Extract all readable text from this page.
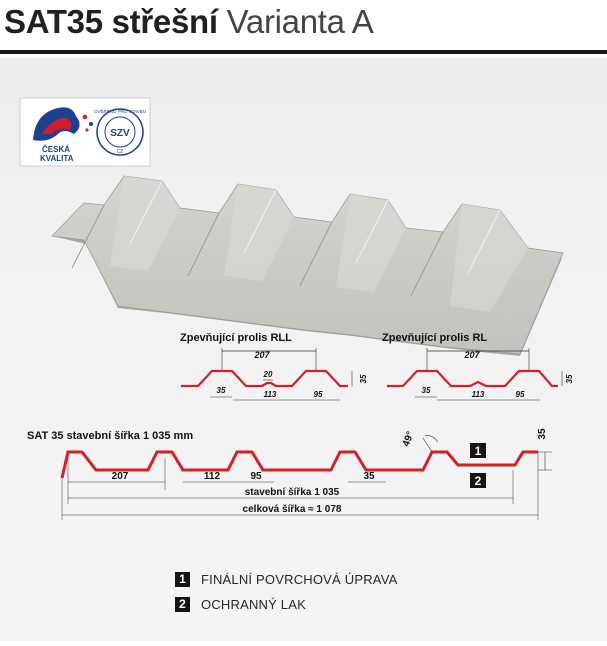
SAT35 střešní Varianta A
ČESKÁ
KVALITA
SZV
OVĚŘENO PRO STAVBU
CZ
Zpevňující prolis RLL
207
20
35	113	95
35
Zpevňující prolis RL
207
35	113	95
35
SAT 35 stavební šířka 1 035 mm
207	112	95	35
49°	35
1
2
stavební šířka 1 035
celková šířka ≈ 1 078
1	FINÁLNÍ POVRCHOVÁ ÚPRAVA
2	OCHRANNÝ LAK
